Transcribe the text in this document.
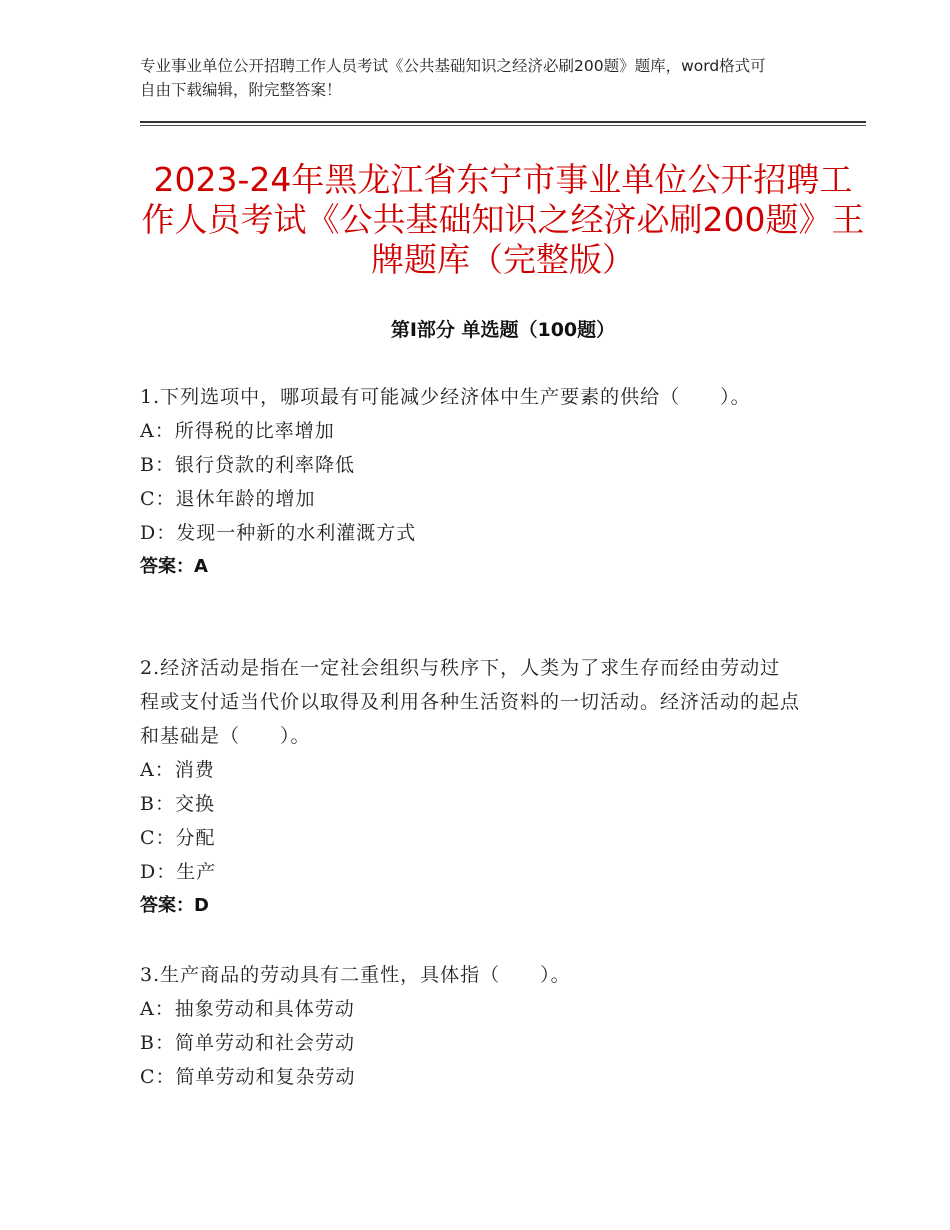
专业事业单位公开招聘工作人员考试《公共基础知识之经济必刷200题》题库，word格式可自由下载编辑，附完整答案！
2023-24年黑龙江省东宁市事业单位公开招聘工作人员考试《公共基础知识之经济必刷200题》王牌题库（完整版）
第Ⅰ部分 单选题（100题）

1.下列选项中，哪项最有可能减少经济体中生产要素的供给（　　）。

A：所得税的比率增加

B：银行贷款的利率降低

C：退休年龄的增加

D：发现一种新的水利灌溉方式

答案：A

2.经济活动是指在一定社会组织与秩序下，人类为了求生存而经由劳动过程或支付适当代价以取得及利用各种生活资料的一切活动。经济活动的起点和基础是（　　）。

A：消费

B：交换

C：分配

D：生产

答案：D

3.生产商品的劳动具有二重性，具体指（　　）。

A：抽象劳动和具体劳动

B：简单劳动和社会劳动

C：简单劳动和复杂劳动
